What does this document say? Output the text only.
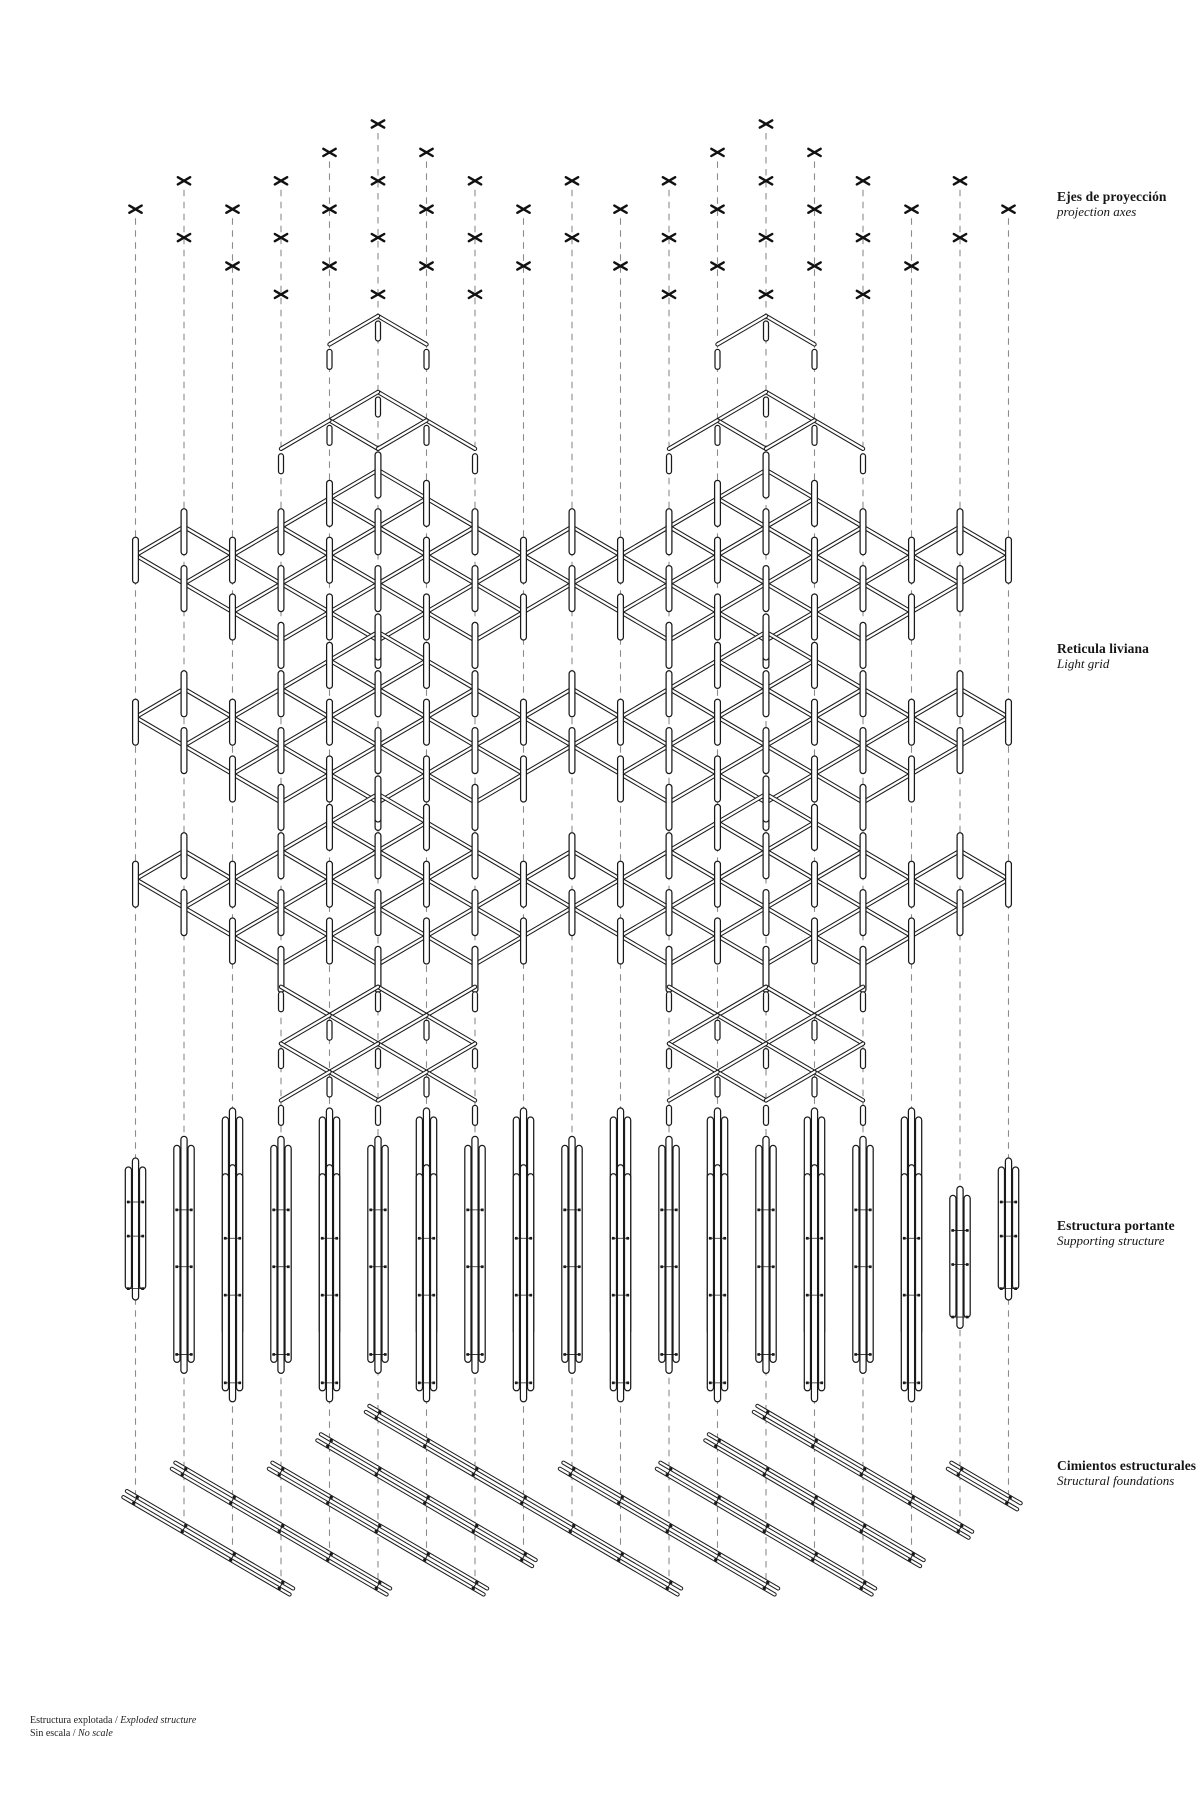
Ejes de proyección
projection axes
Reticula liviana
Light grid
Estructura portante
Supporting structure
Cimientos estructurales
Structural foundations
Estructura explotada / Exploded structure
Sin escala / No scale
